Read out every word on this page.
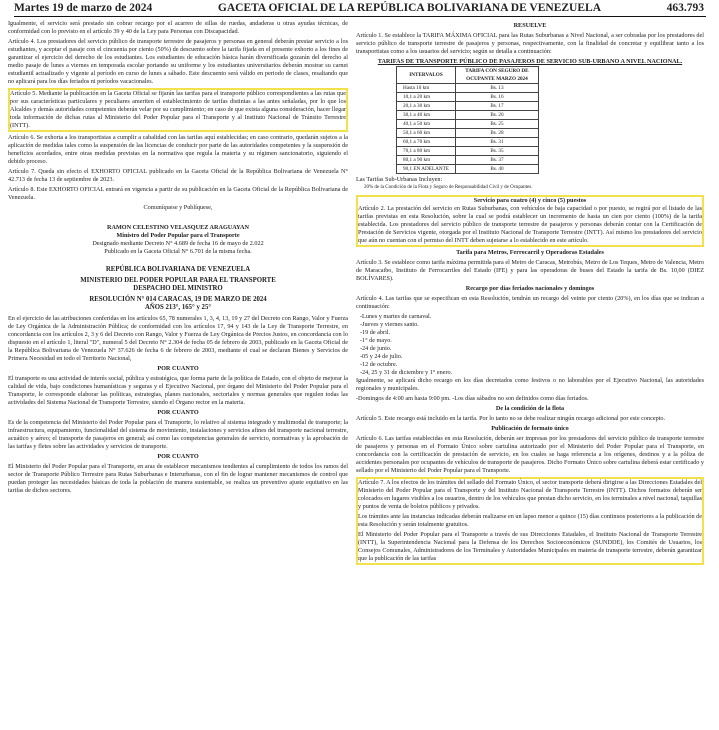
Martes 19 de marzo de 2024	GACETA OFICIAL DE LA REPÚBLICA BOLIVARIANA DE VENEZUELA	463.793

Igualmente, el servicio será prestado sin cobrar recargo por el acarreo de sillas de ruedas, andaderas u otras ayudas técnicas, de conformidad con lo previsto en el artículo 39 y 40 de la Ley para Personas con Discapacidad.

Artículo 4. Los prestadores del servicio público de transporte terrestre de pasajeros y personas en general deberán prestar servicio a los estudiantes, y aceptar el pasaje con el cincuenta por ciento (50%) de descuento sobre la tarifa fijada en el presente exhorto a los fines de garantizar el ejercicio del derecho de los estudiantes. Los estudiantes de educación básica harán diversificada gozarán del derecho al medio pasaje de lunes a viernes en temporada escolar portando su uniforme y los estudiantes universitarios deberán mostrar su carnet estudiantil actualizado y vigente al período en curso de lunes a sábado. Este descuento será válido en periodo de clases, resaltando que no aplicará para los días feriados ni períodos vacacionales.

Artículo 5. Mediante la publicación en la Gaceta Oficial se fijarán las tarifas para el transporte público correspondientes a las rutas que por sus características particulares y peculiares ameriten el establecimiento de tarifas distintas a las antes señaladas, por lo que los Alcaldes y demás autoridades competentes deberán velar por su cumplimiento; en caso de que exista alguna consideración, hacer llegar toda información de dichas rutas al Ministerio del Poder Popular para el Transporte y al Instituto Nacional de Tránsito Terrestre (INTT).

Artículo 6. Se exhorta a los transportistas a cumplir a cabalidad con las tarifas aquí establecidas; en caso contrario, quedarán sujetos a la aplicación de medidas tales como la suspensión de las licencias de conducir por parte de las autoridades competentes y la suspensión de beneficios acordados, entre otras medidas previstas en la normativa que regula la materia y su régimen sancionatorio, siguiendo el debido proceso.

Artículo 7. Queda sin efecto el EXHORTO OFICIAL publicado en la Gaceta Oficial de la República Bolivariana de Venezuela N° 42.713 de fecha 13 de septiembre de 2023.

Artículo 8. Este EXHORTO OFICIAL entrará en vigencia a partir de su publicación en la Gaceta Oficial de la República Bolivariana de Venezuela.

Comuníquese y Publíquese,
RAMON CELESTINO VELASQUEZ ARAGUAYAN
Ministro del Poder Popular para el Transporte
Designado mediante Decreto N° 4.689 de fecha 16 de mayo de 2.022
Publicado en la Gaceta Oficial N° 6.701 de la misma fecha.
REPÚBLICA BOLIVARIANA DE VENEZUELA
MINISTERIO DEL PODER POPULAR PARA EL TRANSPORTE
DESPACHO DEL MINISTRO
RESOLUCIÓN N° 014 CARACAS, 19 DE MARZO DE 2024
AÑOS 213°, 165° y 25°

En el ejercicio de las atribuciones conferidas en los artículos 65, 78 numerales 1, 3, 4, 13, 19 y 27 del Decreto con Rango, Valor y Fuerza de Ley Orgánica de la Administración Pública; de conformidad con los artículos 17, 94 y 143 de la Ley de Transporte Terrestre, en concordancia con los artículos 2, 3 y 6 del Decreto con Rango, Valor y Fuerza de Ley Orgánica de Precios Justos, en concordancia con lo dispuesto en el artículo 1, literal "D", numeral 5 del Decreto N° 2.304 de fecha 05 de febrero de 2003, publicado en la Gaceta Oficial de la República Bolivariana de Venezuela N° 37.626 de fecha 6 de febrero de 2003, mediante el cual se declaran Bienes y Servicios de Primera Necesidad en todo el Territorio Nacional,

POR CUANTO

El transporte es una actividad de interés social, pública y estratégica, que forma parte de la política de Estado, con el objeto de mejorar la calidad de vida, bajo condiciones humanísticas y seguras y el Ejecutivo Nacional, por órgano del Ministerio del Poder Popular para el Transporte, le corresponde elaborar las políticas, estrategias, planes nacionales, sectoriales y normas generales que regulen todas las actividades del Sistema Nacional de Transporte Terrestre, siendo el Órgano rector en la materia.

POR CUANTO

Es de la competencia del Ministerio del Poder Popular para el Transporte, lo relativo al sistema integrado y multimodal de transporte; la infraestructura, equipamiento, funcionalidad del sistema de movimiento, instalaciones y servicios afines del transporte nacional terrestre, acuático y aéreo; el transporte de pasajeros en general; así como las competencias generales de servicio, normativas y la aprobación de las tarifas y fletes sobre las actividades y servicios de transporte.

POR CUANTO

El Ministerio del Poder Popular para el Transporte, en aras de establecer mecanismos tendientes al cumplimiento de todos los ramos del sector de Transporte Público Terrestre para Rutas Suburbanas e Interurbanas, con el fin de lograr mantener mecanismos de control que puedan proteger las necesidades básicas de toda la población de manera sustentable, se realiza un preventivo ajuste equitativo en las tarifas de dichos sectores.

RESUELVE

Artículo 1. Se establece la TARIFA MÁXIMA OFICIAL para las Rutas Suburbanas a Nivel Nacional, a ser cobradas por los prestadores del servicio público de transporte terrestre de pasajeros y personas, respectivamente, con la finalidad de concretar y equilibrar tanto a los transportistas como a los usuarios del servicio; según se detalla a continuación:

TARIFAS DE TRANSPORTE PÚBLICO DE PASAJEROS DE SERVICIO SUB-URBANO A NIVEL NACIONAL.
INTERVALOS	TARIFA CON SEGURO DE OCUPANTE MARZO 2024
Hasta 10 km	Bs. 13
10,1 a 20 km	Bs. 16
20,1 a 30 km	Bs. 17
30,1 a 40 km	Bs. 20
40,1 a 50 km	Bs. 25
50,1 a 60 km	Bs. 28
60,1 a 70 km	Bs. 31
70,1 a 80 km	Bs. 35
80,1 a 90 km	Bs. 37
90,1 EN ADELANTE	Bs. 40
Las Tarifas Sub-Urbanas Incluyen:
20% de la Condición de la Flota y Seguro de Responsabilidad Civil y de Ocupantes.
Servicio para cuatro (4) y cinco (5) puestos

Artículo 2. La prestación del servicio en Rutas Suburbanas, con vehículos de baja capacidad o por puesto, se regirá por el listado de las tarifas previstas en esta Resolución, sobre la cual se podrá establecer un incremento de hasta un cien por ciento (100%) de la tarifa establecida. Los prestadores del servicio público de transporte terrestre de pasajeros y personas deberán contar con la Certificación de Prestación de Servicios vigente, otorgada por el Instituto Nacional de Transporte Terrestre (INTT). Así mismo los prestadores del servicio que aún no cuentan con el permiso del INTT deben sujetarse a lo establecido en este artículo.

Tarifa para Metros, Ferrocarril y Operadoras Estadales

Artículo 3. Se establece como tarifa máxima permitida para el Metro de Caracas, Metrobús, Metro de Los Teques, Metro de Valencia, Metro de Maracaibo, Instituto de Ferrocarriles del Estado (IFE) y para las operadoras de buses del Estado la tarifa de Bs. 10,00 (DIEZ BOLÍVARES).

Recargo por días feriados nacionales y domingos

Artículo 4. Las tarifas que se especifican en esta Resolución, tendrán un recargo del veinte por ciento (20%), en los días que se indican a continuación:

-Lunes y martes de carnaval.
-Jueves y viernes santo.
-19 de abril.
-1° de mayo.
-24 de junio.
-05 y 24 de julio.
-12 de octubre.
-24, 25 y 31 de diciembre y 1° enero.

Igualmente, se aplicará dicho recargo en los días decretados como festivos o no laborables por el Ejecutivo Nacional, las autoridades regionales y municipales.

-Domingos de 4:00 am hasta 9:00 pm. -Los días sábados no son definidos como días feriados.

De la condición de la flota

Artículo 5. Este recargo está incluido en la tarifa. Por lo tanto no se debe realizar ningún recargo adicional por este concepto.

Publicación de formato único

Artículo 6. Las tarifas establecidas en esta Resolución, deberán ser impresas por los prestadores del servicio público de transporte terrestre de pasajeros y personas en el Formato Único sobre cartulina autorizado por el Ministerio del Poder Popular para el Transporte, en concordancia con la certificación de prestación de servicio, en los cuales se haga referencia a los orígenes, destinos y a la póliza de accidentes personales por ocupantes de vehículos de transporte de pasajeros. Dicho Formato Único sobre cartulina deberá estar certificado y sellado por el Ministerio del Poder Popular para el Transporte.

Artículo 7. A los efectos de los trámites del sellado del Formato Único, el sector transporte deberá dirigirse a las Direcciones Estadales del Ministerio del Poder Popular para el Transporte y del Instituto Nacional de Transporte Terrestre (INTT). Dichos formatos deberán ser colocados en lugares visibles a los usuarios, dentro de los vehículos que prestan dicho servicio, en los terminales a nivel nacional, taquillas y puntos de venta de boletos públicos y privados.

Los trámites ante las instancias indicadas deberán realizarse en un lapso menor a quince (15) días continuos posteriores a la publicación de esta Resolución y serán totalmente gratuitos.

El Ministerio del Poder Popular para el Transporte a través de sus Direcciones Estadales, el Instituto Nacional de Transporte Terrestre (INTT), la Superintendencia Nacional para la Defensa de los Derechos Socioeconómicos (SUNDDE), los Comités de Usuarios, los Consejos Comunales, Administradores de los Terminales y Autoridades Municipales en materia de transporte terrestre, deberán garantizar que la publicación de las tarifas
